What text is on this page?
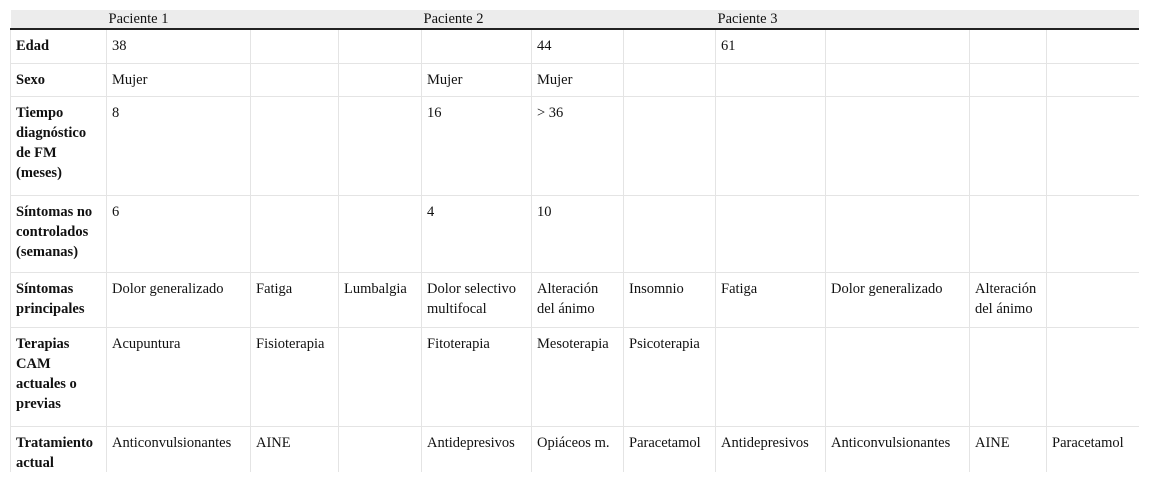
	Paciente 1			Paciente 2			Paciente 3			
Edad	38				44		61			
Sexo	Mujer			Mujer	Mujer					
Tiempo diagnóstico de FM (meses)	8			16	> 36					
Síntomas no controlados (semanas)	6			4	10					
Síntomas principales	Dolor generalizado	Fatiga	Lumbalgia	Dolor selectivo multifocal	Alteración del ánimo	Insomnio	Fatiga	Dolor generalizado	Alteración del ánimo	
Terapias CAM actuales o previas	Acupuntura	Fisioterapia		Fitoterapia	Mesoterapia	Psicoterapia				
Tratamiento actual	Anticonvulsionantes	AINE		Antidepresivos	Opiáceos m.	Paracetamol	Antidepresivos	Anticonvulsionantes	AINE	Paracetamol
